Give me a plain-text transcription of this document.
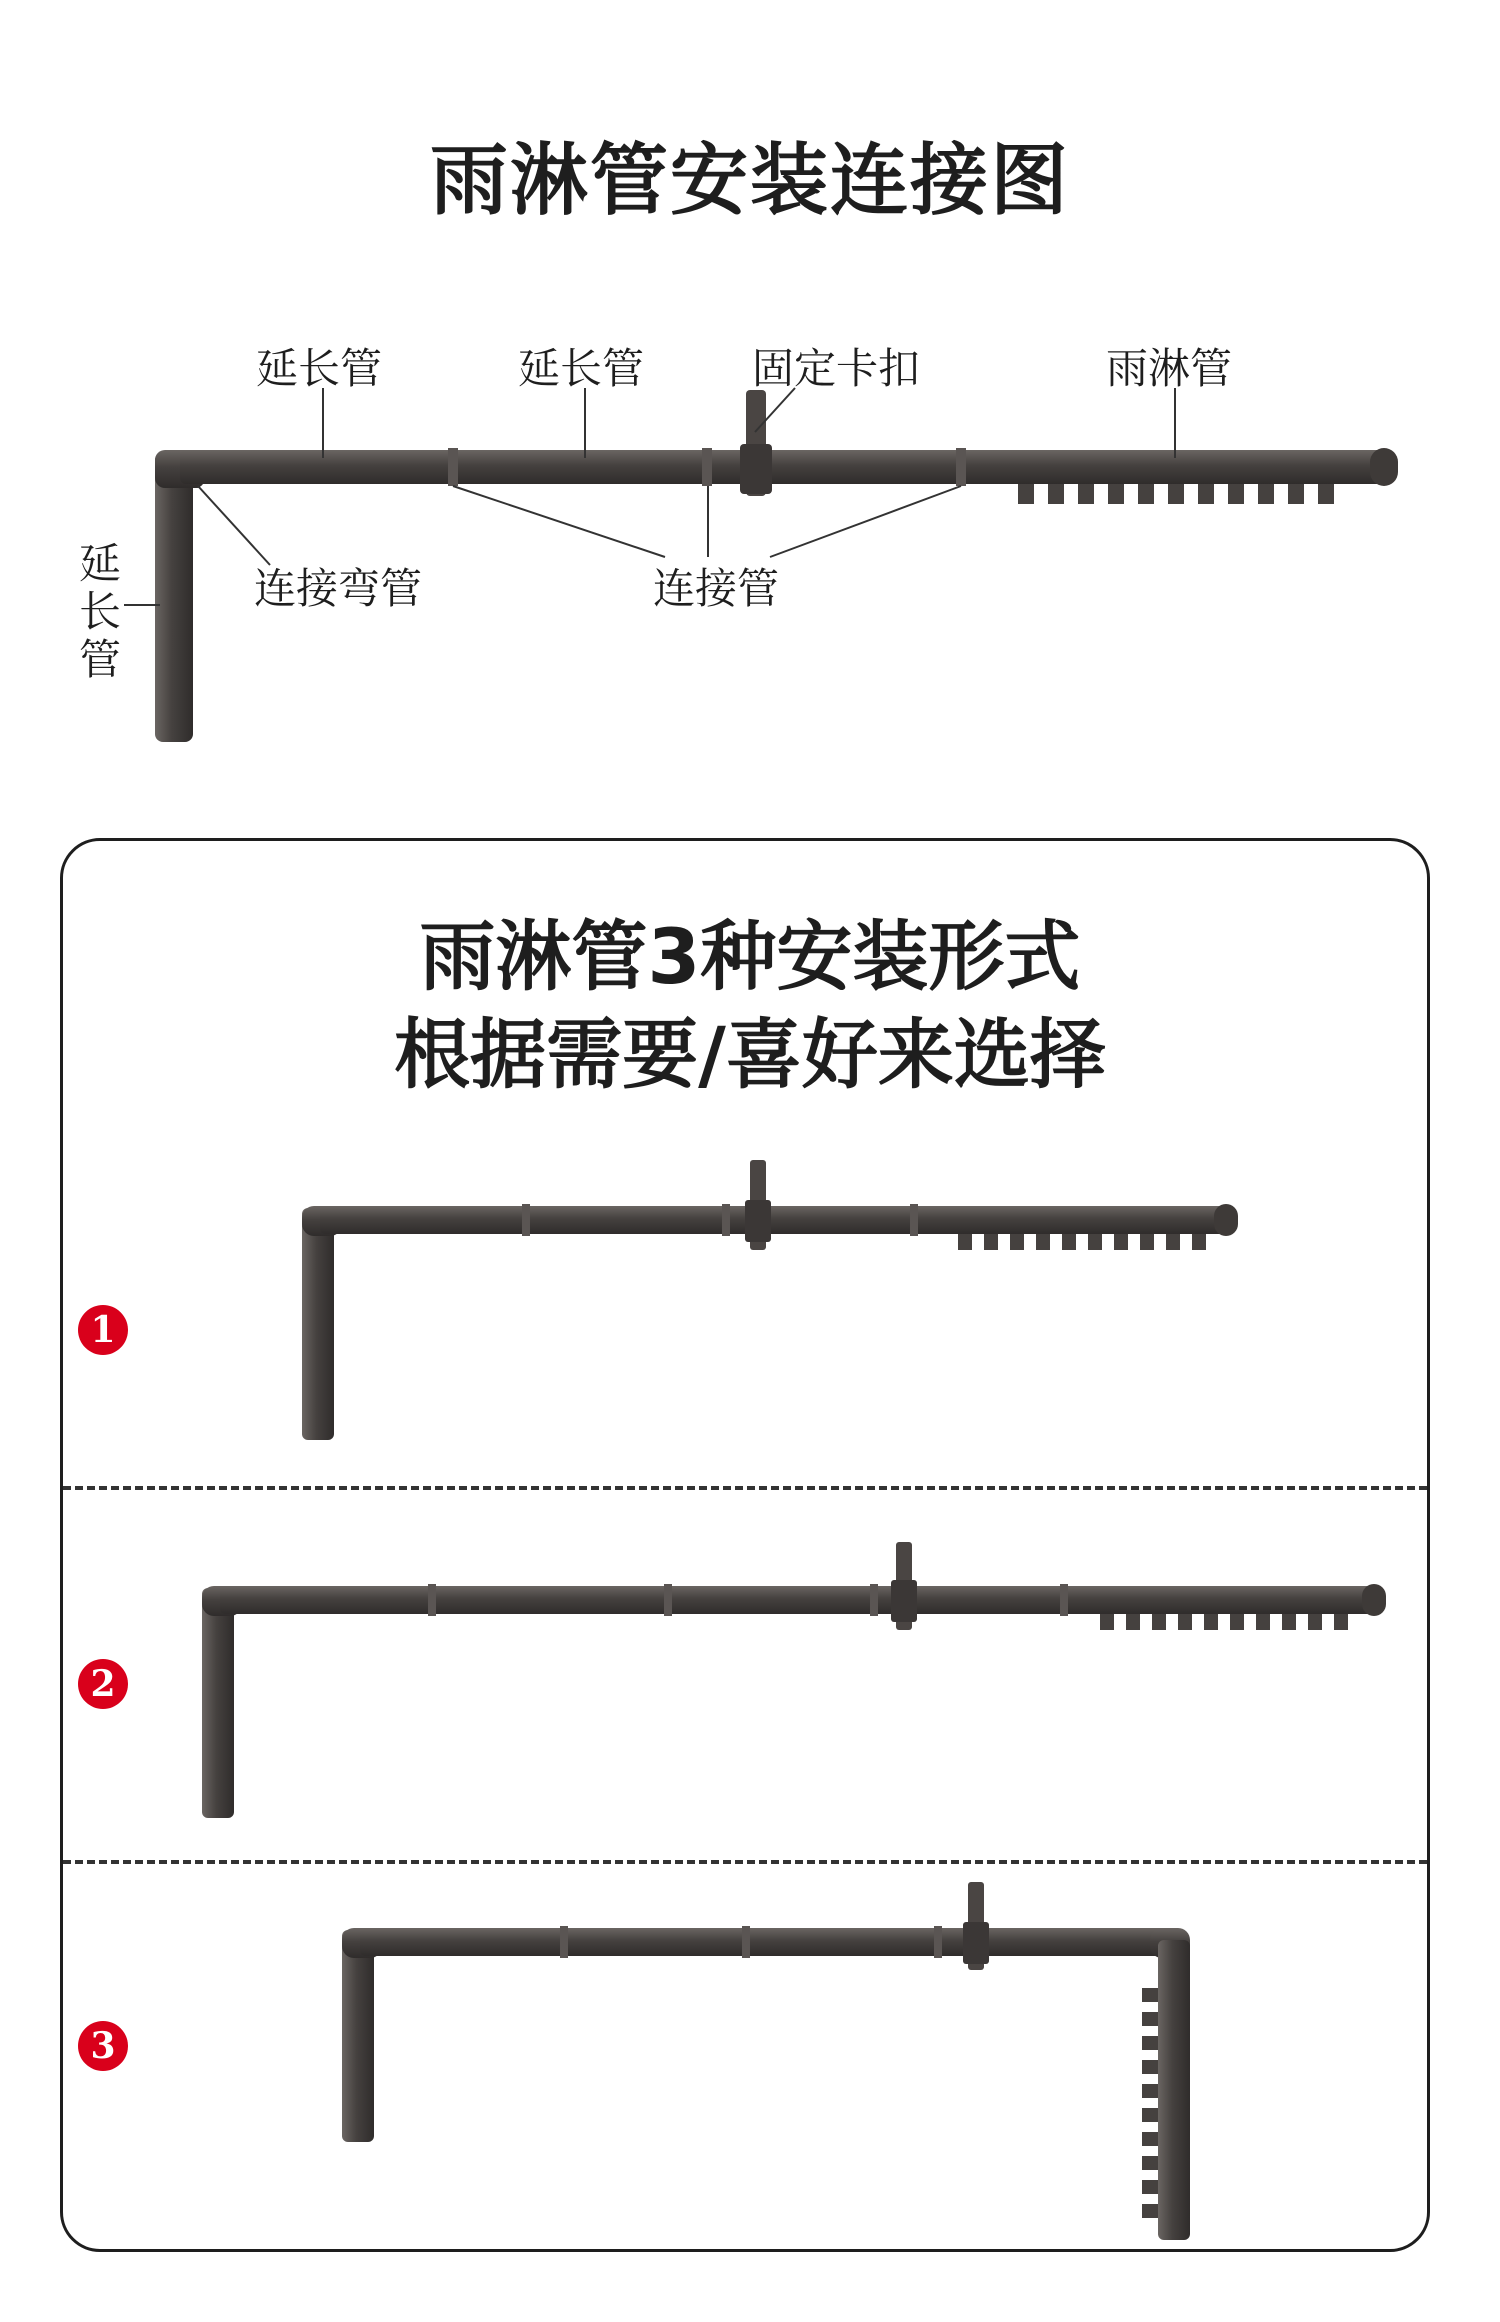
雨淋管安装连接图
延长管	延长管	固定卡扣	雨淋管
连接弯管	连接管
延长管
雨淋管3种安装形式
根据需要/喜好来选择
1
2
3
